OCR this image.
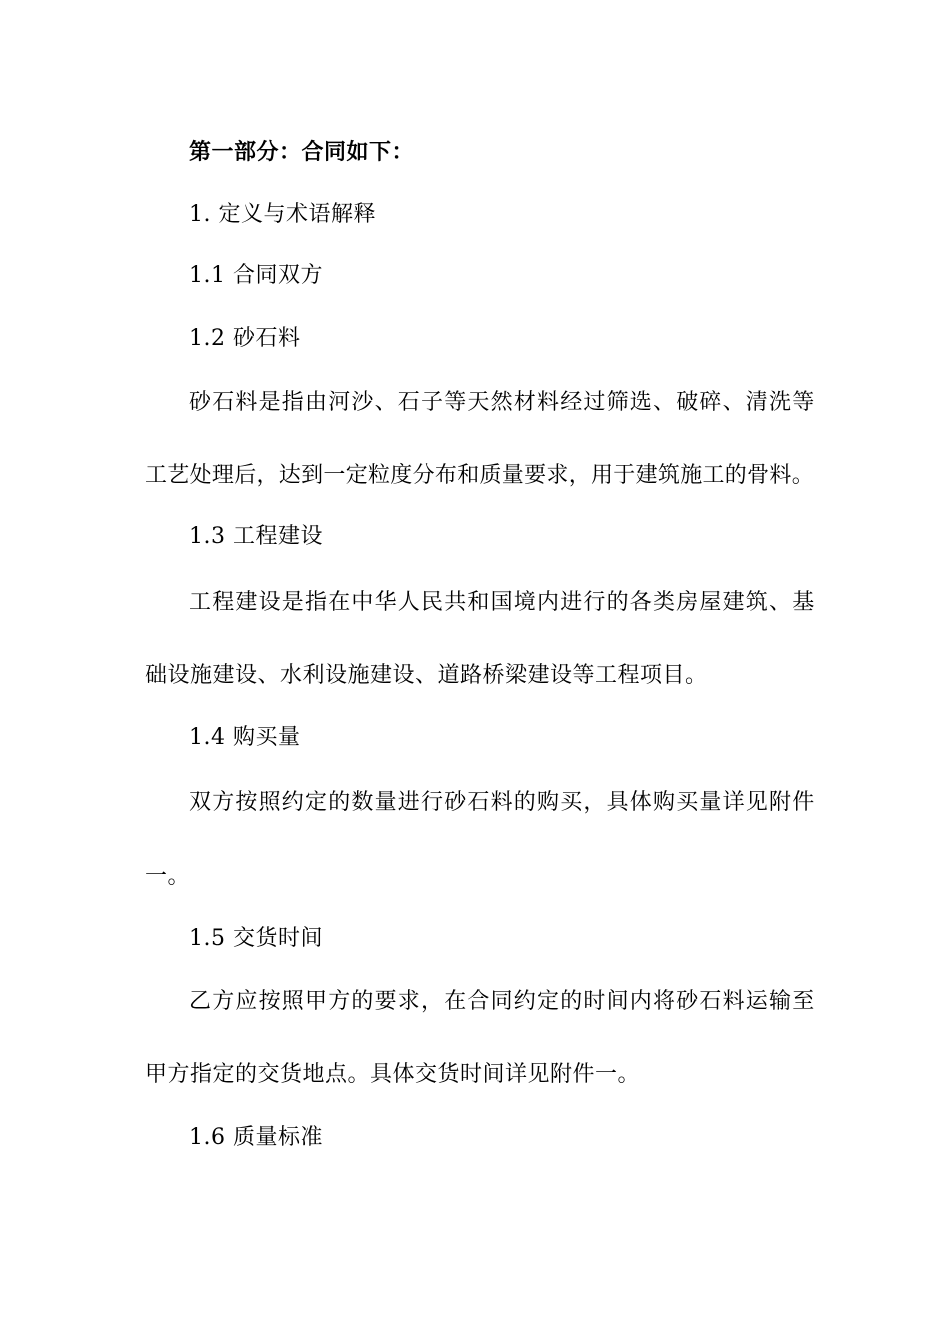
第一部分：合同如下：
1. 定义与术语解释
1.1 合同双方
1.2 砂石料
砂石料是指由河沙、石子等天然材料经过筛选、破碎、清洗等
工艺处理后，达到一定粒度分布和质量要求，用于建筑施工的骨料。
1.3 工程建设
工程建设是指在中华人民共和国境内进行的各类房屋建筑、基
础设施建设、水利设施建设、道路桥梁建设等工程项目。
1.4 购买量
双方按照约定的数量进行砂石料的购买，具体购买量详见附件
一。
1.5 交货时间
乙方应按照甲方的要求，在合同约定的时间内将砂石料运输至
甲方指定的交货地点。具体交货时间详见附件一。
1.6 质量标准
